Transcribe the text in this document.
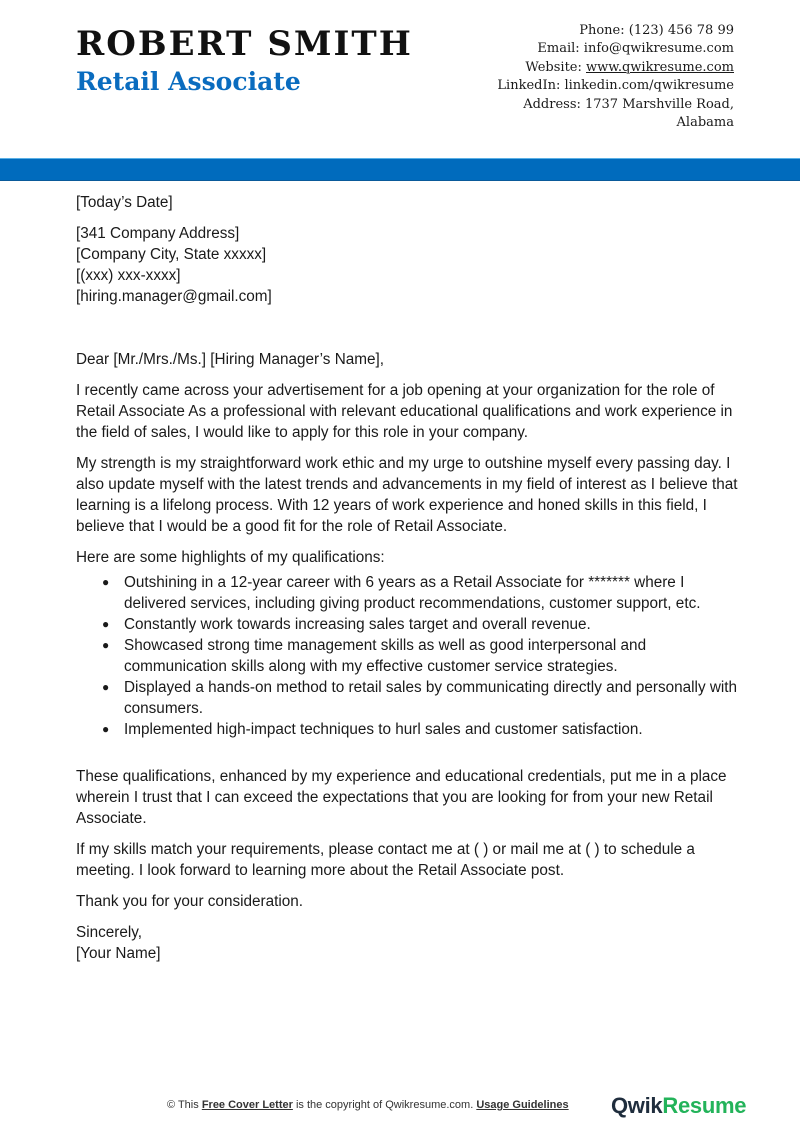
ROBERT SMITH
Retail Associate
Phone: (123) 456 78 99
Email: info@qwikresume.com
Website: www.qwikresume.com
LinkedIn: linkedin.com/qwikresume
Address: 1737 Marshville Road,
Alabama

[Today’s Date]

[341 Company Address]

[Company City, State xxxxx]

[(xxx) xxx-xxxx]

[hiring.manager@gmail.com]

Dear [Mr./Mrs./Ms.] [Hiring Manager’s Name],

I recently came across your advertisement for a job opening at your organization for the role of Retail Associate As a professional with relevant educational qualifications and work experience in the field of sales, I would like to apply for this role in your company.

My strength is my straightforward work ethic and my urge to outshine myself every passing day. I also update myself with the latest trends and advancements in my field of interest as I believe that learning is a lifelong process. With 12 years of work experience and honed skills in this field, I believe that I would be a good fit for the role of Retail Associate.

Here are some highlights of my qualifications:

● Outshining in a 12-year career with 6 years as a Retail Associate for ******* where I delivered services, including giving product recommendations, customer support, etc.
● Constantly work towards increasing sales target and overall revenue.
● Showcased strong time management skills as well as good interpersonal and communication skills along with my effective customer service strategies.
● Displayed a hands-on method to retail sales by communicating directly and personally with consumers.
● Implemented high-impact techniques to hurl sales and customer satisfaction.

These qualifications, enhanced by my experience and educational credentials, put me in a place wherein I trust that I can exceed the expectations that you are looking for from your new Retail Associate.

If my skills match your requirements, please contact me at ( ) or mail me at ( ) to schedule a meeting. I look forward to learning more about the Retail Associate post.

Thank you for your consideration.

Sincerely,

[Your Name]

© This Free Cover Letter is the copyright of Qwikresume.com. Usage Guidelines QwikResume
